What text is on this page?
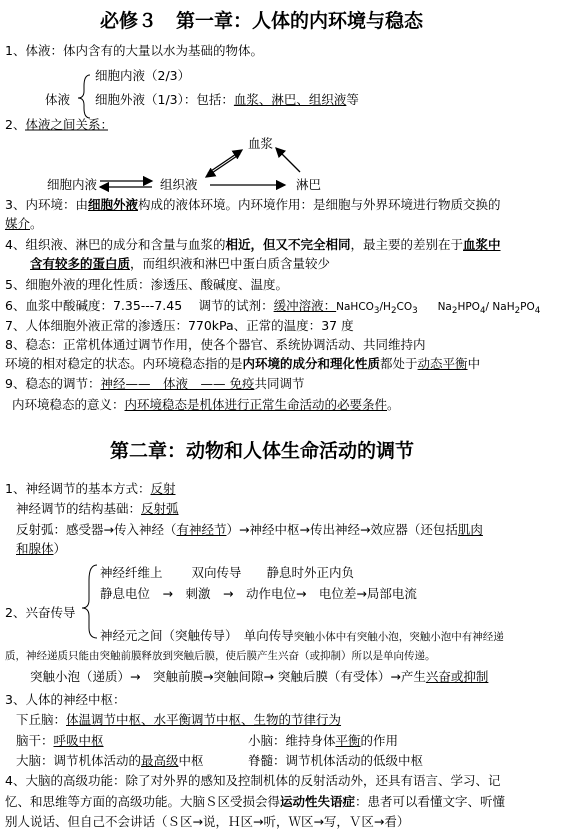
必修３　第一章：人体的内环境与稳态
1、体液：体内含有的大量以水为基础的物体。
细胞内液（2/3）
体液 细胞外液（1/3）：包括：血浆、淋巴、组织液等
2、体液之间关系：
血浆
细胞内液	组织液	淋巴
3、内环境：由细胞外液构成的液体环境。内环境作用：是细胞与外界环境进行物质交换的
媒介。
4、组织液、淋巴的成分和含量与血浆的相近，但又不完全相同，最主要的差别在于血浆中
含有较多的蛋白质，而组织液和淋巴中蛋白质含量较少
5、细胞外液的理化性质：渗透压、酸碱度、温度。
6、血浆中酸碱度：7.35---7.45　 调节的试剂：缓冲溶液：$NaHCO_3/H_2CO_3$ $Na_2HPO_4/$ $NaH_2PO_4$
7、人体细胞外液正常的渗透压：770kPa、正常的温度：37 度
8、稳态：正常机体通过调节作用，使各个器官、系统协调活动、共同维持内
环境的相对稳定的状态。内环境稳态指的是内环境的成分和理化性质都处于动态平衡中
9、稳态的调节：神经——　体液　—— 免疫共同调节
内环境稳态的意义：内环境稳态是机体进行正常生命活动的必要条件。
第二章：动物和人体生命活动的调节
1、神经调节的基本方式：反射
神经调节的结构基础：反射弧
反射弧：感受器→传入神经（有神经节）→神经中枢→传出神经→效应器（还包括肌肉
和腺体）
神经纤维上　　 双向传导　　静息时外正内负
静息电位　→　刺激　→　动作电位→　电位差→局部电流
2、兴奋传导
神经元之间（突触传导）　单向传导突触小体中有突触小泡，突触小泡中有神经递
质，神经递质只能由突触前膜释放到突触后膜，使后膜产生兴奋（或抑制）所以是单向传递。
突触小泡（递质）→　突触前膜→突触间隙→ 突触后膜（有受体）→产生兴奋或抑制
3、人体的神经中枢：
下丘脑：体温调节中枢、水平衡调节中枢、生物的节律行为
脑干：呼吸中枢	小脑：维持身体平衡的作用
大脑：调节机体活动的最高级中枢	脊髓：调节机体活动的低级中枢
4、大脑的高级功能：除了对外界的感知及控制机体的反射活动外，还具有语言、学习、记
忆、和思维等方面的高级功能。大脑Ｓ区受损会得运动性失语症：患者可以看懂文字、听懂
别人说话、但自己不会讲话（Ｓ区→说，Ｈ区→听，Ｗ区→写，Ｖ区→看）
